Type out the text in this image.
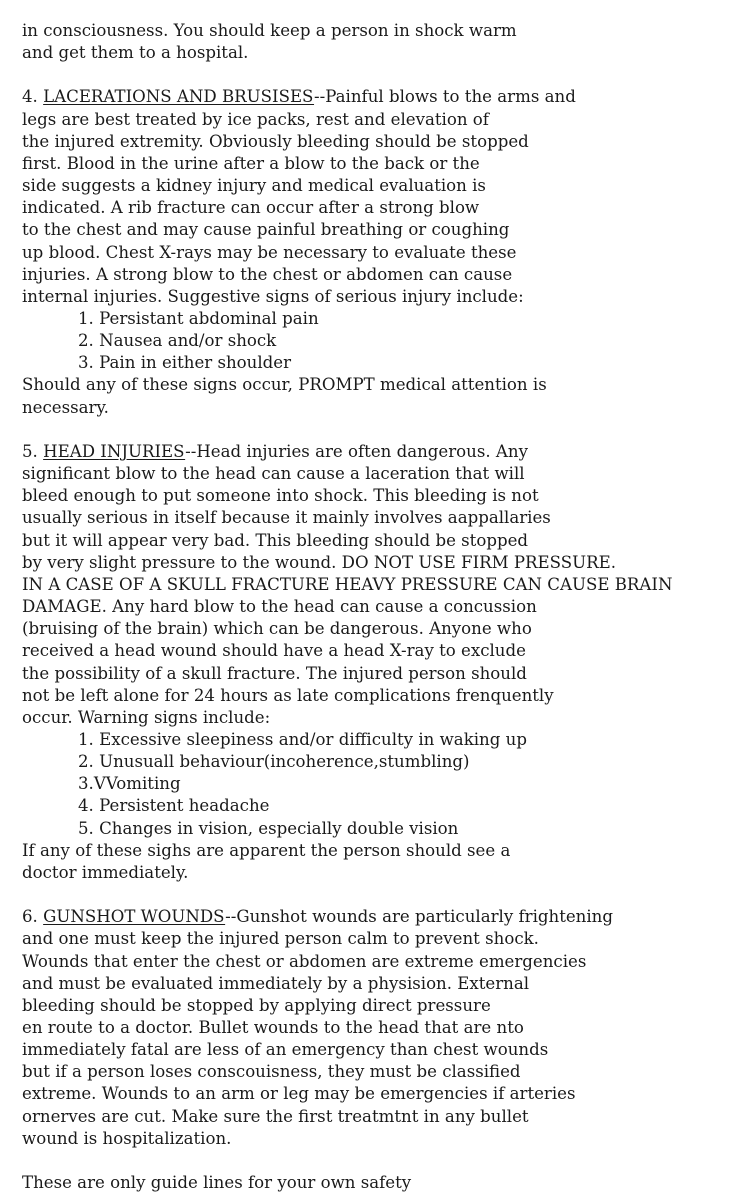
in consciousness. You should keep a person in shock warm
and get them to a hospital.
4. LACERATIONS AND BRUSISES--Painful blows to the arms and
legs are best treated by ice packs, rest and elevation of
the injured extremity. Obviously bleeding should be stopped
first. Blood in the urine after a blow to the back or the
side suggests a kidney injury and medical evaluation is
indicated. A rib fracture can occur after a strong blow
to the chest and may cause painful breathing or coughing
up blood. Chest X-rays may be necessary to evaluate these
injuries. A strong blow to the chest or abdomen can cause
internal injuries. Suggestive signs of serious injury include:
1. Persistant abdominal pain
2. Nausea and/or shock
3. Pain in either shoulder
Should any of these signs occur, PROMPT medical attention is
necessary.
5. HEAD INJURIES--Head injuries are often dangerous. Any
significant blow to the head can cause a laceration that will
bleed enough to put someone into shock. This bleeding is not
usually serious in itself because it mainly involves aappallaries
but it will appear very bad. This bleeding should be stopped
by very slight pressure to the wound. DO NOT USE FIRM PRESSURE.
IN A CASE OF A SKULL FRACTURE HEAVY PRESSURE CAN CAUSE BRAIN
DAMAGE. Any hard blow to the head can cause a concussion
(bruising of the brain) which can be dangerous. Anyone who
received a head wound should have a head X-ray to exclude
the possibility of a skull fracture. The injured person should
not be left alone for 24 hours as late complications frenquently
occur. Warning signs include:
1. Excessive sleepiness and/or difficulty in waking up
2. Unusuall behaviour(incoherence,stumbling)
3.VVomiting
4. Persistent headache
5. Changes in vision, especially double vision
If any of these sighs are apparent the person should see a
doctor immediately.
6. GUNSHOT WOUNDS--Gunshot wounds are particularly frightening
and one must keep the injured person calm to prevent shock.
Wounds that enter the chest or abdomen are extreme emergencies
and must be evaluated immediately by a physision. External
bleeding should be stopped by applying direct pressure
en route to a doctor. Bullet wounds to the head that are nto
immediately fatal are less of an emergency than chest wounds
but if a person loses conscouisness, they must be classified
extreme. Wounds to an arm or leg may be emergencies if arteries
ornerves are cut. Make sure the first treatmtnt in any bullet
wound is hospitalization.
These are only guide lines for your own safety
